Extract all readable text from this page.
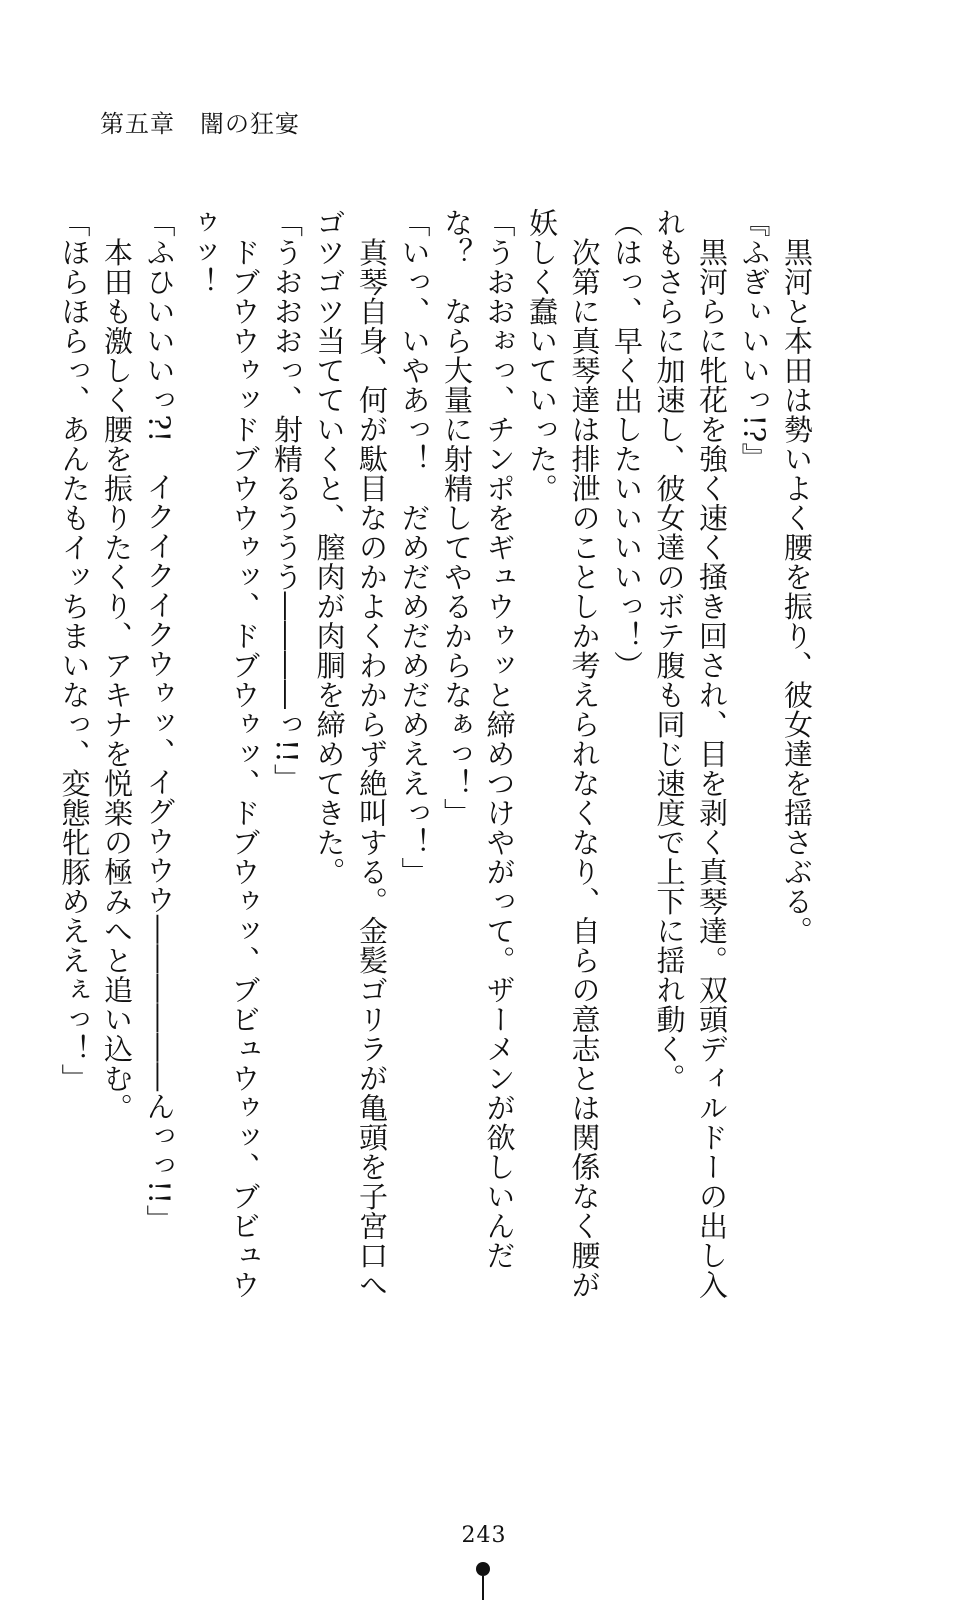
第五章　闇の狂宴

　黒河と本田は勢いよく腰を振り、彼女達を揺さぶる。

『ふぎぃいいっ!?』

　黒河らに牝花を強く速く掻き回され、目を剥く真琴達。双頭ディルドーの出し入れもさらに加速し、彼女達のボテ腹も同じ速度で上下に揺れ動く。

（はっ、早く出したいいいいっ！）

　次第に真琴達は排泄のことしか考えられなくなり、自らの意志とは関係なく腰が妖しく蠢いていった。

「うおおぉっ、チンポをギュウゥッと締めつけやがって。ザーメンが欲しいんだな？　なら大量に射精してやるからなぁっ！」

「いっ、いやあっ！　だめだめだめだめええっ！」

　真琴自身、何が駄目なのかよくわからず絶叫する。金髪ゴリラが亀頭を子宮口へゴツゴツ当てていくと、膣肉が肉胴を締めてきた。

「うおおおっ、射精るううう――――っ!!」

　ドブウウゥッドブウウゥッ、ドブウゥッ、ドブウゥッ、ブビュウゥッ、ブビュウゥッ！

「ふひいいいっ?!　イクイクイクウゥッ、イグウウウ――――――んっっ!!」

　本田も激しく腰を振りたくり、アキナを悦楽の極みへと追い込む。

「ほらほらっ、あんたもイッちまいなっ、変態牝豚めええぇっ！」

243
